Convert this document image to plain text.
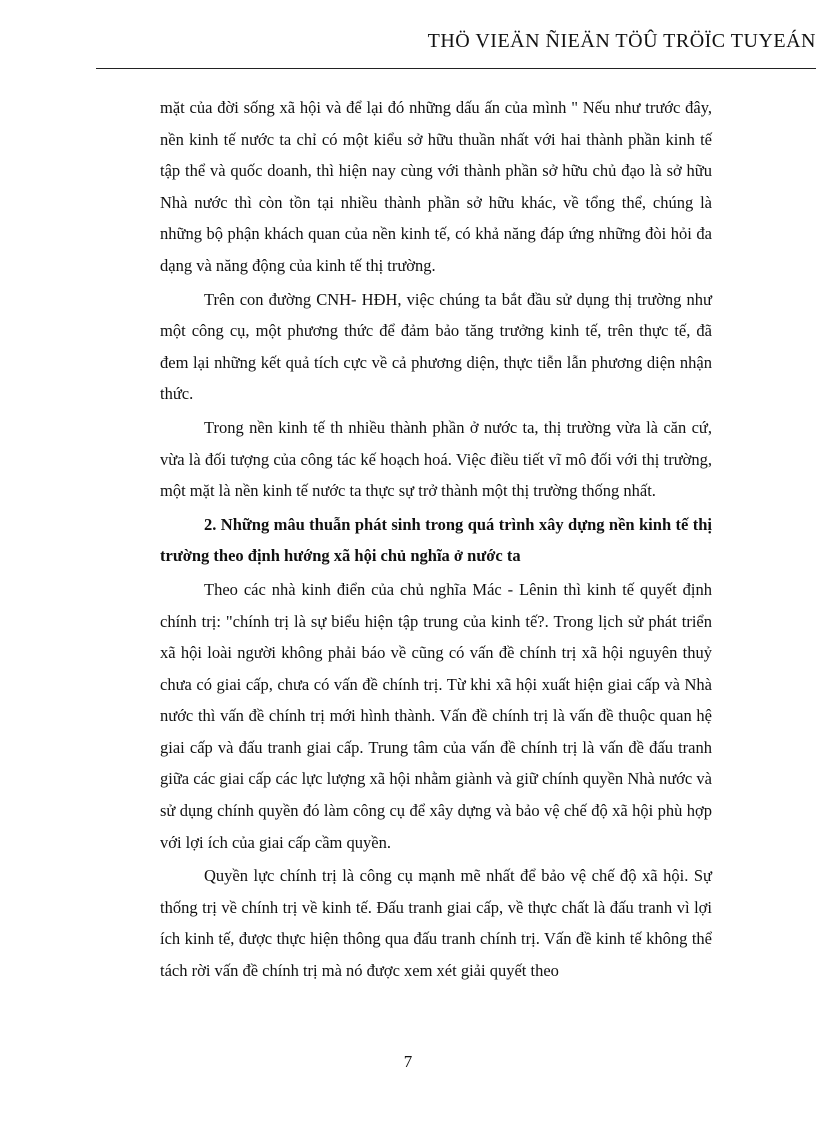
THÖ VIEÄN ÑIEÄN TÖÛ TRÖÏC TUYEÁN

mặt của đời sống xã hội và để lại đó những dấu ấn của mình " Nếu như trước đây, nền kinh tế nước ta chỉ có một kiểu sở hữu thuần nhất với hai thành phần kinh tế tập thể và quốc doanh, thì hiện nay cùng với thành phần sở hữu chủ đạo là sở hữu Nhà nước thì còn tồn tại nhiều thành phần sở hữu khác, về tổng thể, chúng là những bộ phận khách quan của nền kinh tế, có khả năng đáp ứng những đòi hỏi đa dạng và năng động của kinh tế thị trường.

Trên con đường CNH- HĐH, việc chúng ta bắt đầu sử dụng thị trường như một công cụ, một phương thức để đảm bảo tăng trưởng kinh tế, trên thực tế, đã đem lại những kết quả tích cực về cả phương diện, thực tiễn lẫn phương diện nhận thức.

Trong nền kinh tế th nhiều thành phần ở nước ta, thị trường vừa là căn cứ, vừa là đối tượng của công tác kế hoạch hoá. Việc điều tiết vĩ mô đối với thị trường, một mặt là nền kinh tế nước ta thực sự trở thành một thị trường thống nhất.

2. Những mâu thuẫn phát sinh trong quá trình xây dựng nền kinh tế thị trường theo định hướng xã hội chủ nghĩa ở nước ta

Theo các nhà kinh điển của chủ nghĩa Mác - Lênin thì kinh tế quyết định chính trị: "chính trị là sự biểu hiện tập trung của kinh tế?. Trong lịch sử phát triển xã hội loài người không phải báo về cũng có vấn đề chính trị xã hội nguyên thuỷ chưa có giai cấp, chưa có vấn đề chính trị. Từ khi xã hội xuất hiện giai cấp và Nhà nước thì vấn đề chính trị mới hình thành. Vấn đề chính trị là vấn đề thuộc quan hệ giai cấp và đấu tranh giai cấp. Trung tâm của vấn đề chính trị là vấn đề đấu tranh giữa các giai cấp các lực lượng xã hội nhằm giành và giữ chính quyền Nhà nước và sử dụng chính quyền đó làm công cụ để xây dựng và bảo vệ chế độ xã hội phù hợp với lợi ích của giai cấp cầm quyền.

Quyền lực chính trị là công cụ mạnh mẽ nhất để bảo vệ chế độ xã hội. Sự thống trị về chính trị về kinh tế. Đấu tranh giai cấp, về thực chất là đấu tranh vì lợi ích kinh tế, được thực hiện thông qua đấu tranh chính trị. Vấn đề kinh tế không thể tách rời vấn đề chính trị mà nó được xem xét giải quyết theo

7
